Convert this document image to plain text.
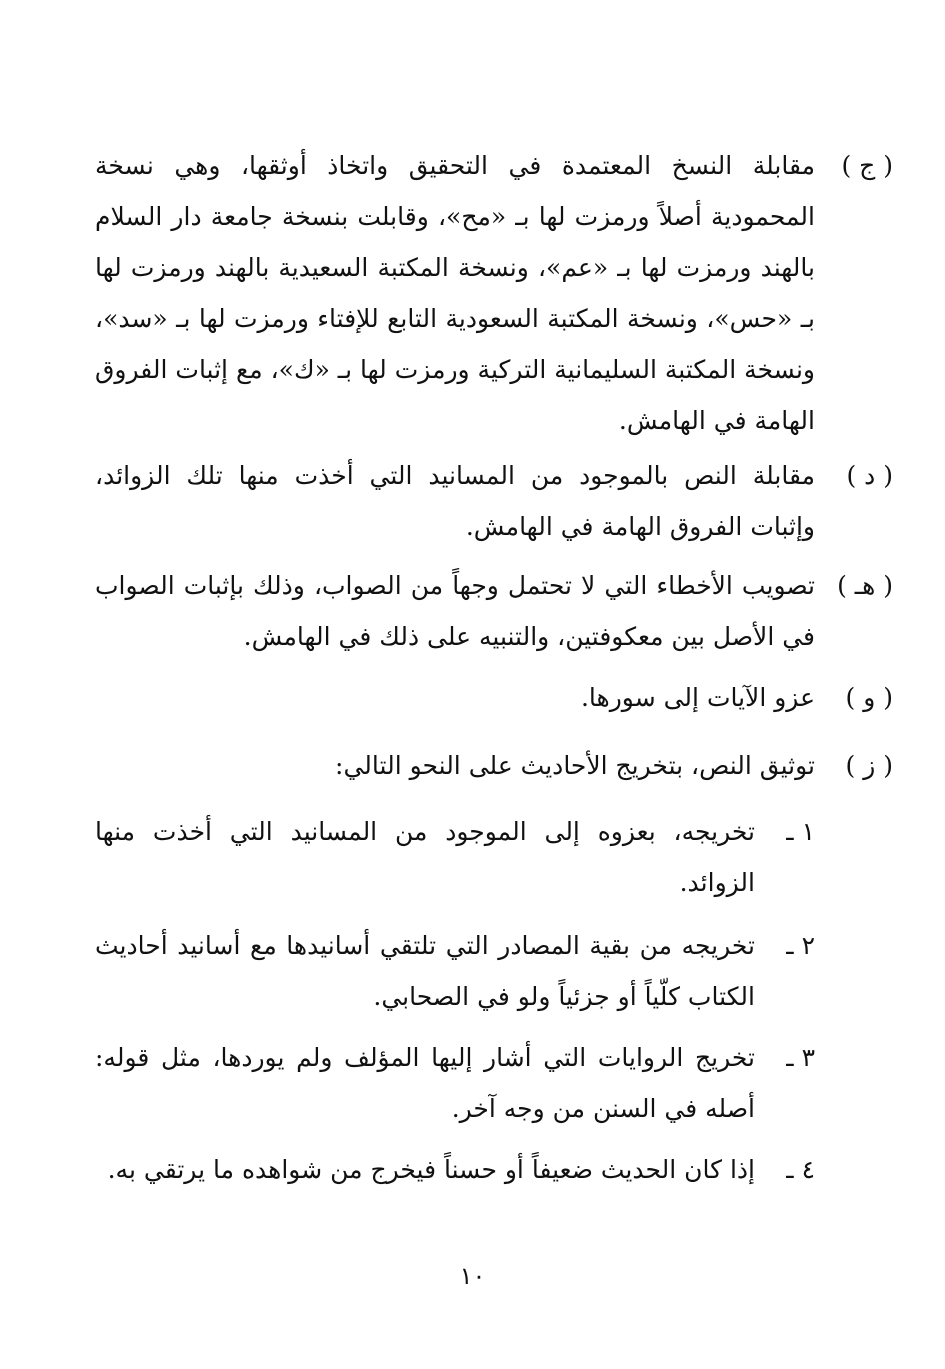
( ج )
مقابلة النسخ المعتمدة في التحقيق واتخاذ أوثقها، وهي نسخة المحمودية أصلاً ورمزت لها بـ «مح»، وقابلت بنسخة جامعة دار السلام بالهند ورمزت لها بـ «عم»، ونسخة المكتبة السعيدية بالهند ورمزت لها بـ «حس»، ونسخة المكتبة السعودية التابع للإفتاء ورمزت لها بـ «سد»، ونسخة المكتبة السليمانية التركية ورمزت لها بـ «ك»، مع إثبات الفروق الهامة في الهامش.
( د )
مقابلة النص بالموجود من المسانيد التي أخذت منها تلك الزوائد، وإثبات الفروق الهامة في الهامش.
( هـ )
تصويب الأخطاء التي لا تحتمل وجهاً من الصواب، وذلك بإثبات الصواب في الأصل بين معكوفتين، والتنبيه على ذلك في الهامش.
( و )
عزو الآيات إلى سورها.
( ز )
توثيق النص، بتخريج الأحاديث على النحو التالي:
١ ـ
تخريجه، بعزوه إلى الموجود من المسانيد التي أخذت منها الزوائد.
٢ ـ
تخريجه من بقية المصادر التي تلتقي أسانيدها مع أسانيد أحاديث الكتاب كلّياً أو جزئياً ولو في الصحابي.
٣ ـ
تخريج الروايات التي أشار إليها المؤلف ولم يوردها، مثل قوله: أصله في السنن من وجه آخر.
٤ ـ
إذا كان الحديث ضعيفاً أو حسناً فيخرج من شواهده ما يرتقي به.
١٠
